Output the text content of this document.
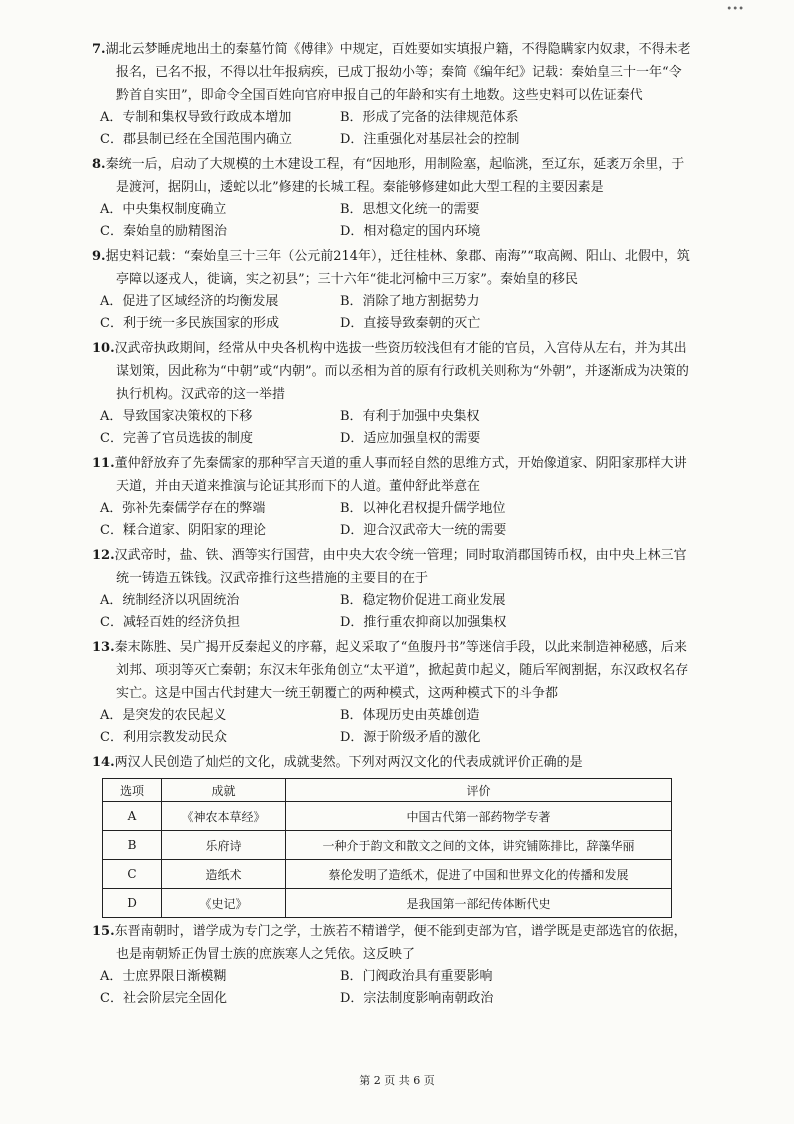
•••
7.湖北云梦睡虎地出土的秦墓竹简《傅律》中规定，百姓要如实填报户籍，不得隐瞒家内奴隶，不得未老报名，已名不报，不得以壮年报病疾，已成丁报幼小等；秦简《编年纪》记载：秦始皇三十一年“令黔首自实田”，即命令全国百姓向官府申报自己的年龄和实有土地数。这些史料可以佐证秦代
A．专制和集权导致行政成本增加	B．形成了完备的法律规范体系
C．郡县制已经在全国范围内确立	D．注重强化对基层社会的控制
8.秦统一后，启动了大规模的土木建设工程，有“因地形，用制险塞，起临洮，至辽东，延袤万余里，于是渡河，据阴山，逶蛇以北”修建的长城工程。秦能够修建如此大型工程的主要因素是
A．中央集权制度确立	B．思想文化统一的需要
C．秦始皇的励精图治	D．相对稳定的国内环境
9.据史料记载：“秦始皇三十三年（公元前214年），迁往桂林、象郡、南海”“取高阙、阳山、北假中，筑亭障以逐戎人，徙谪，实之初县”；三十六年“徙北河榆中三万家”。秦始皇的移民
A．促进了区域经济的均衡发展	B．消除了地方割据势力
C．利于统一多民族国家的形成	D．直接导致秦朝的灭亡
10.汉武帝执政期间，经常从中央各机构中选拔一些资历较浅但有才能的官员，入宫侍从左右，并为其出谋划策，因此称为“中朝”或“内朝”。而以丞相为首的原有行政机关则称为“外朝”，并逐渐成为决策的执行机构。汉武帝的这一举措
A．导致国家决策权的下移	B．有利于加强中央集权
C．完善了官员选拔的制度	D．适应加强皇权的需要
11.董仲舒放弃了先秦儒家的那种罕言天道的重人事而轻自然的思维方式，开始像道家、阴阳家那样大讲天道，并由天道来推演与论证其形而下的人道。董仲舒此举意在
A．弥补先秦儒学存在的弊端	B．以神化君权提升儒学地位
C．糅合道家、阴阳家的理论	D．迎合汉武帝大一统的需要
12.汉武帝时，盐、铁、酒等实行国营，由中央大农令统一管理；同时取消郡国铸币权，由中央上林三官统一铸造五铢钱。汉武帝推行这些措施的主要目的在于
A．统制经济以巩固统治	B．稳定物价促进工商业发展
C．减轻百姓的经济负担	D．推行重农抑商以加强集权
13.秦末陈胜、吴广揭开反秦起义的序幕，起义采取了“鱼腹丹书”等迷信手段，以此来制造神秘感，后来刘邦、项羽等灭亡秦朝；东汉末年张角创立“太平道”，掀起黄巾起义，随后军阀割据，东汉政权名存实亡。这是中国古代封建大一统王朝覆亡的两种模式，这两种模式下的斗争都
A．是突发的农民起义	B．体现历史由英雄创造
C．利用宗教发动民众	D．源于阶级矛盾的激化
14.两汉人民创造了灿烂的文化，成就斐然。下列对两汉文化的代表成就评价正确的是
选项	成就	评价
A	《神农本草经》	中国古代第一部药物学专著
B	乐府诗	一种介于韵文和散文之间的文体，讲究铺陈排比，辞藻华丽
C	造纸术	蔡伦发明了造纸术，促进了中国和世界文化的传播和发展
D	《史记》	是我国第一部纪传体断代史
15.东晋南朝时，谱学成为专门之学，士族若不精谱学，便不能到吏部为官，谱学既是吏部选官的依据，也是南朝矫正伪冒士族的庶族寒人之凭依。这反映了
A．士庶界限日渐模糊	B．门阀政治具有重要影响
C．社会阶层完全固化	D．宗法制度影响南朝政治
第 2 页 共 6 页
